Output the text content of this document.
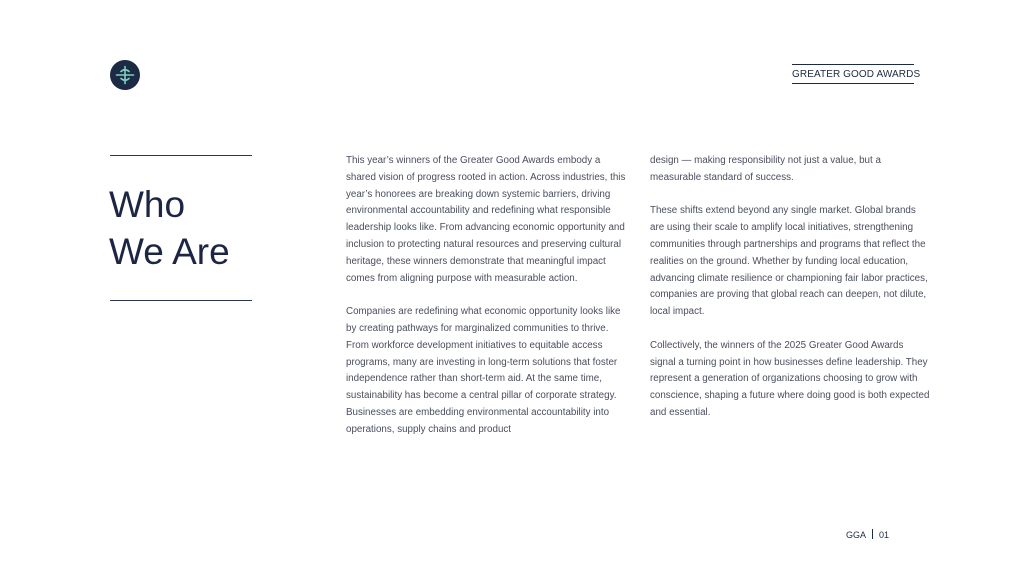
GREATER GOOD AWARDS
Who
We Are

This year’s winners of the Greater Good Awards embody a shared vision of progress rooted in action. Across industries, this year’s honorees are breaking down systemic barriers, driving environmental accountability and redefining what responsible leadership looks like. From advancing economic opportunity and inclusion to protecting natural resources and preserving cultural heritage, these winners demonstrate that meaningful impact comes from aligning purpose with measurable action.

Companies are redefining what economic opportunity looks like by creating pathways for marginalized communities to thrive. From workforce development initiatives to equitable access programs, many are investing in long-term solutions that foster independence rather than short-term aid. At the same time, sustainability has become a central pillar of corporate strategy. Businesses are embedding environmental accountability into operations, supply chains and product

design — making responsibility not just a value, but a measurable standard of success.

These shifts extend beyond any single market. Global brands are using their scale to amplify local initiatives, strengthening communities through partnerships and programs that reflect the realities on the ground. Whether by funding local education, advancing climate resilience or championing fair labor practices, companies are proving that global reach can deepen, not dilute, local impact.

Collectively, the winners of the 2025 Greater Good Awards signal a turning point in how businesses define leadership. They represent a generation of organizations choosing to grow with conscience, shaping a future where doing good is both expected and essential.

GGA 01
